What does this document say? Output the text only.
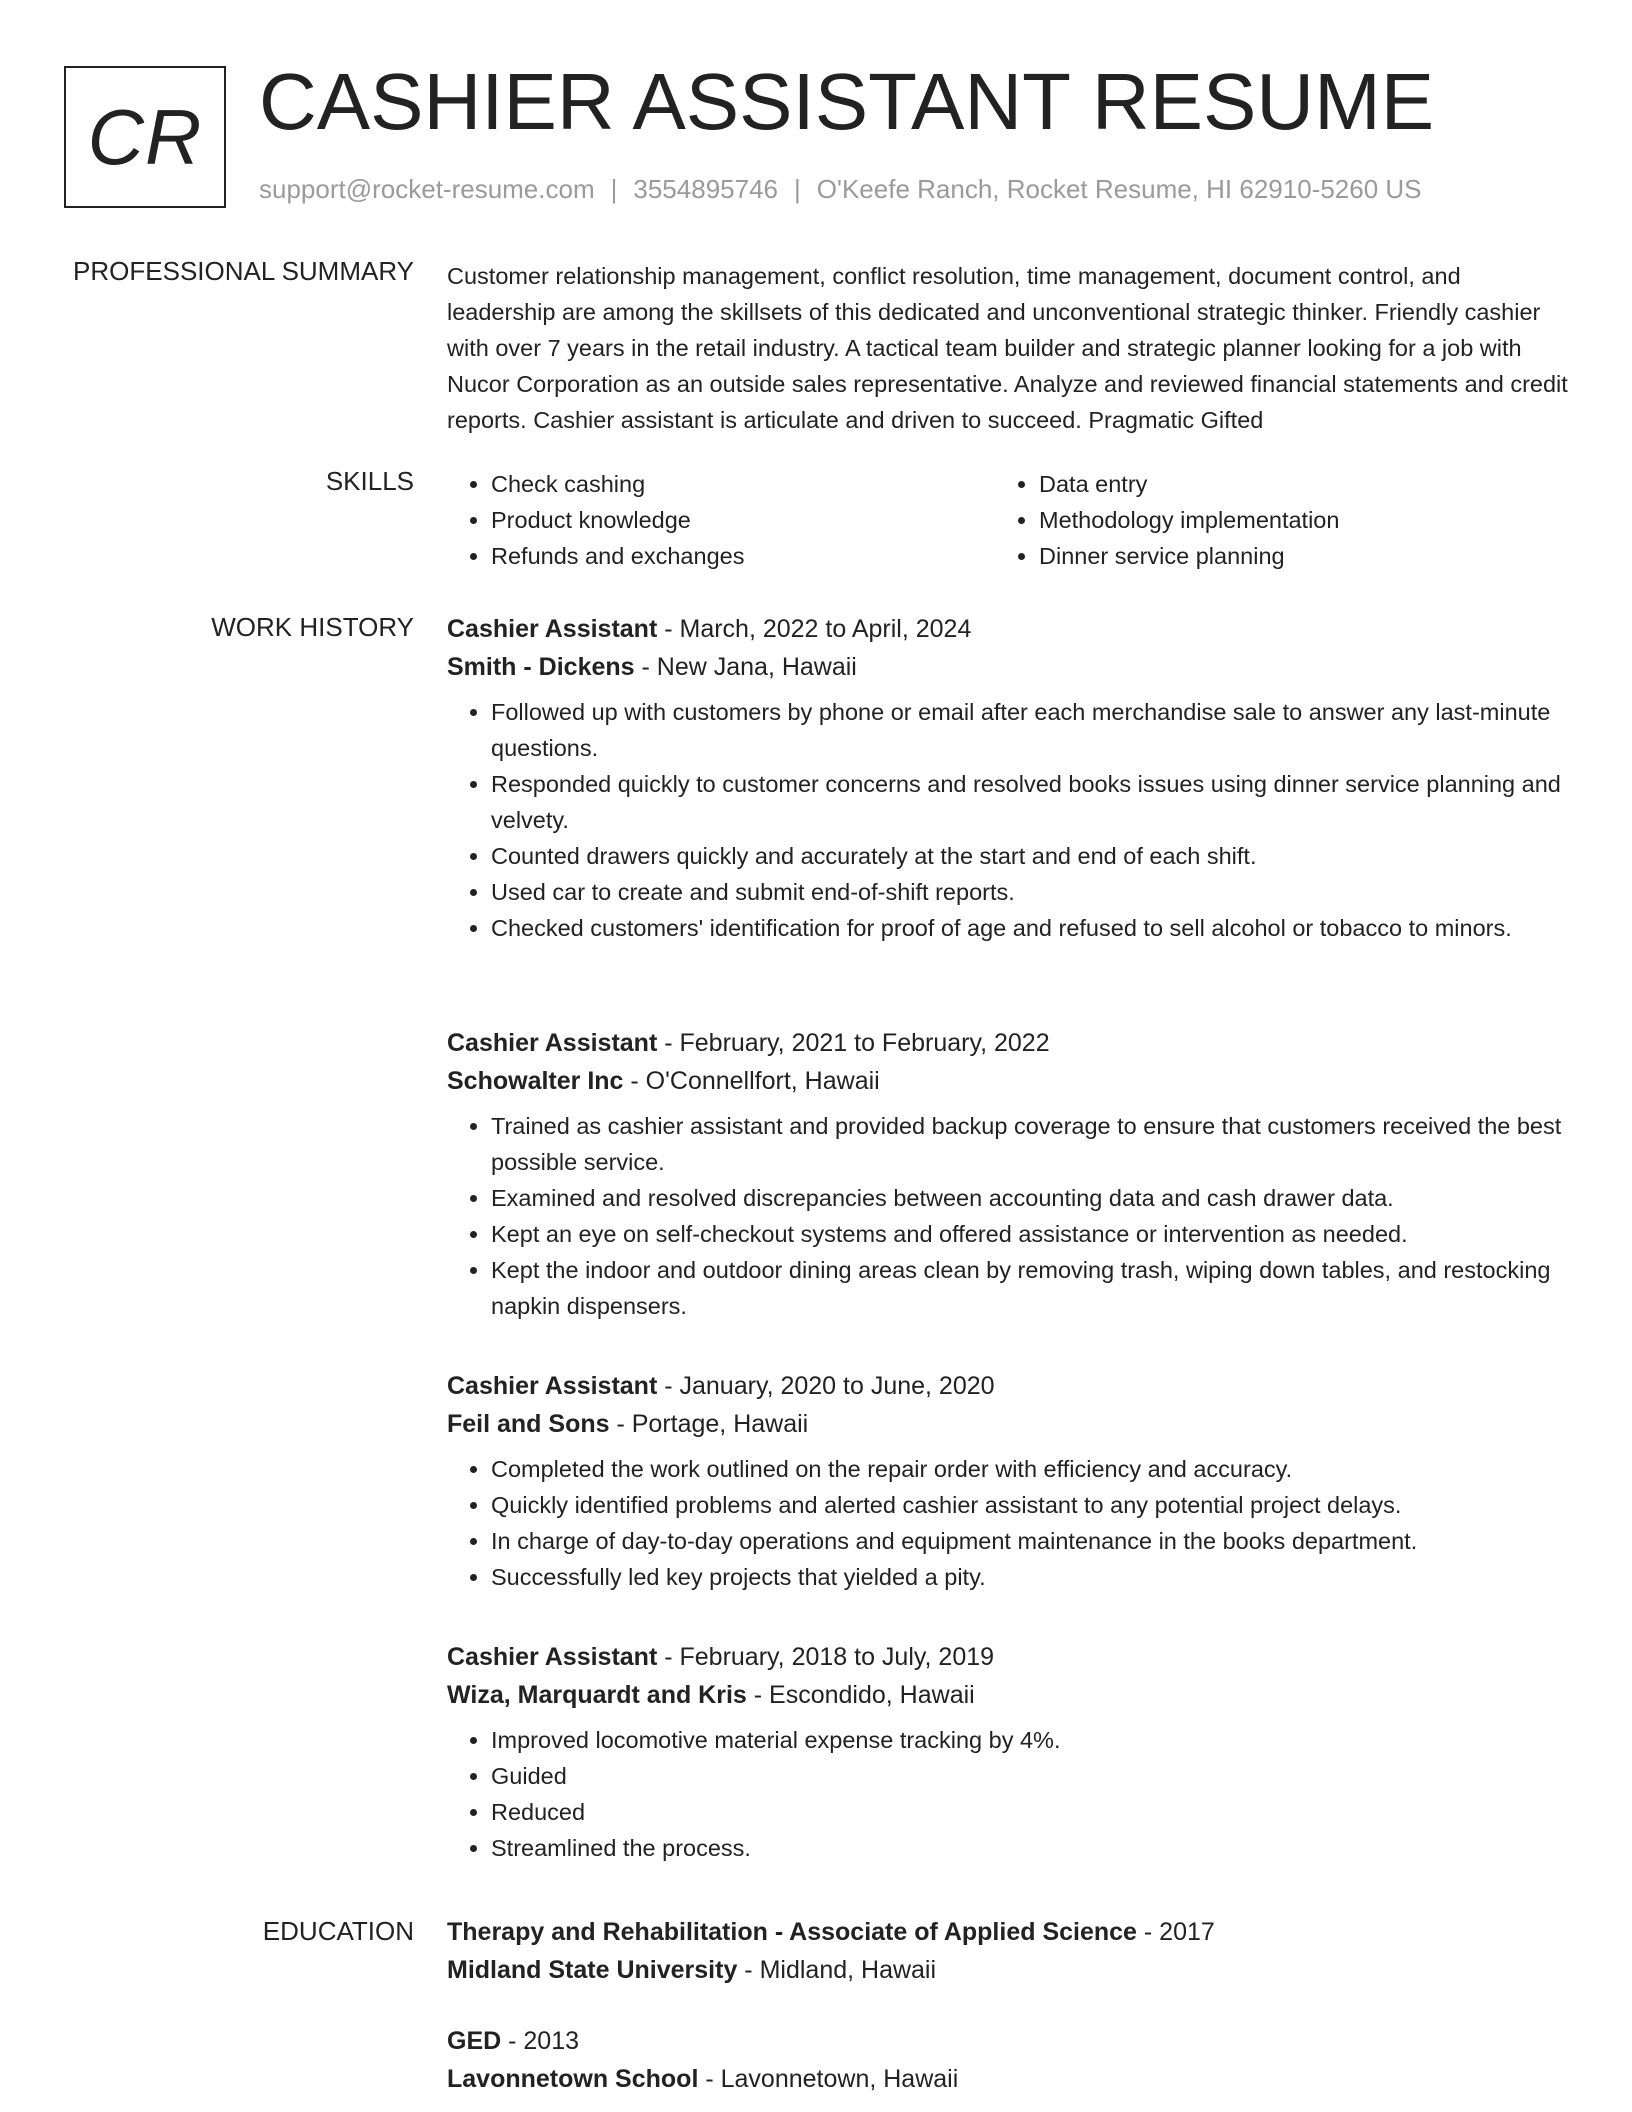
CR CASHIER ASSISTANT RESUME
support@rocket-resume.com | 3554895746 | O'Keefe Ranch, Rocket Resume, HI 62910-5260 US
PROFESSIONAL SUMMARY Customer relationship management, conflict resolution, time management, document control, and leadership are among the skillsets of this dedicated and unconventional strategic thinker. Friendly cashier with over 7 years in the retail industry. A tactical team builder and strategic planner looking for a job with Nucor Corporation as an outside sales representative. Analyze and reviewed financial statements and credit reports. Cashier assistant is articulate and driven to succeed. Pragmatic Gifted
SKILLS
•	Check cashing
• Product knowledge
• Refunds and exchanges
• Data entry
• Methodology implementation
• Dinner service planning
WORK HISTORY Cashier Assistant - March, 2022 to April, 2024
Smith - Dickens - New Jana, Hawaii
• Followed up with customers by phone or email after each merchandise sale to answer any last-minute questions.
• Responded quickly to customer concerns and resolved books issues using dinner service planning and velvety.
• Counted drawers quickly and accurately at the start and end of each shift.
• Used car to create and submit end-of-shift reports.
• Checked customers' identification for proof of age and refused to sell alcohol or tobacco to minors.
Cashier Assistant - February, 2021 to February, 2022
Schowalter Inc - O'Connellfort, Hawaii
• Trained as cashier assistant and provided backup coverage to ensure that customers received the best possible service.
• Examined and resolved discrepancies between accounting data and cash drawer data.
• Kept an eye on self-checkout systems and offered assistance or intervention as needed.
• Kept the indoor and outdoor dining areas clean by removing trash, wiping down tables, and restocking napkin dispensers.
Cashier Assistant - January, 2020 to June, 2020
Feil and Sons - Portage, Hawaii
• Completed the work outlined on the repair order with efficiency and accuracy.
• Quickly identified problems and alerted cashier assistant to any potential project delays.
• In charge of day-to-day operations and equipment maintenance in the books department.
• Successfully led key projects that yielded a pity.
Cashier Assistant - February, 2018 to July, 2019
Wiza, Marquardt and Kris - Escondido, Hawaii
• Improved locomotive material expense tracking by 4%.
• Guided
• Reduced
• Streamlined the process.
EDUCATION Therapy and Rehabilitation - Associate of Applied Science - 2017
Midland State University - Midland, Hawaii
GED - 2013
Lavonnetown School - Lavonnetown, Hawaii
